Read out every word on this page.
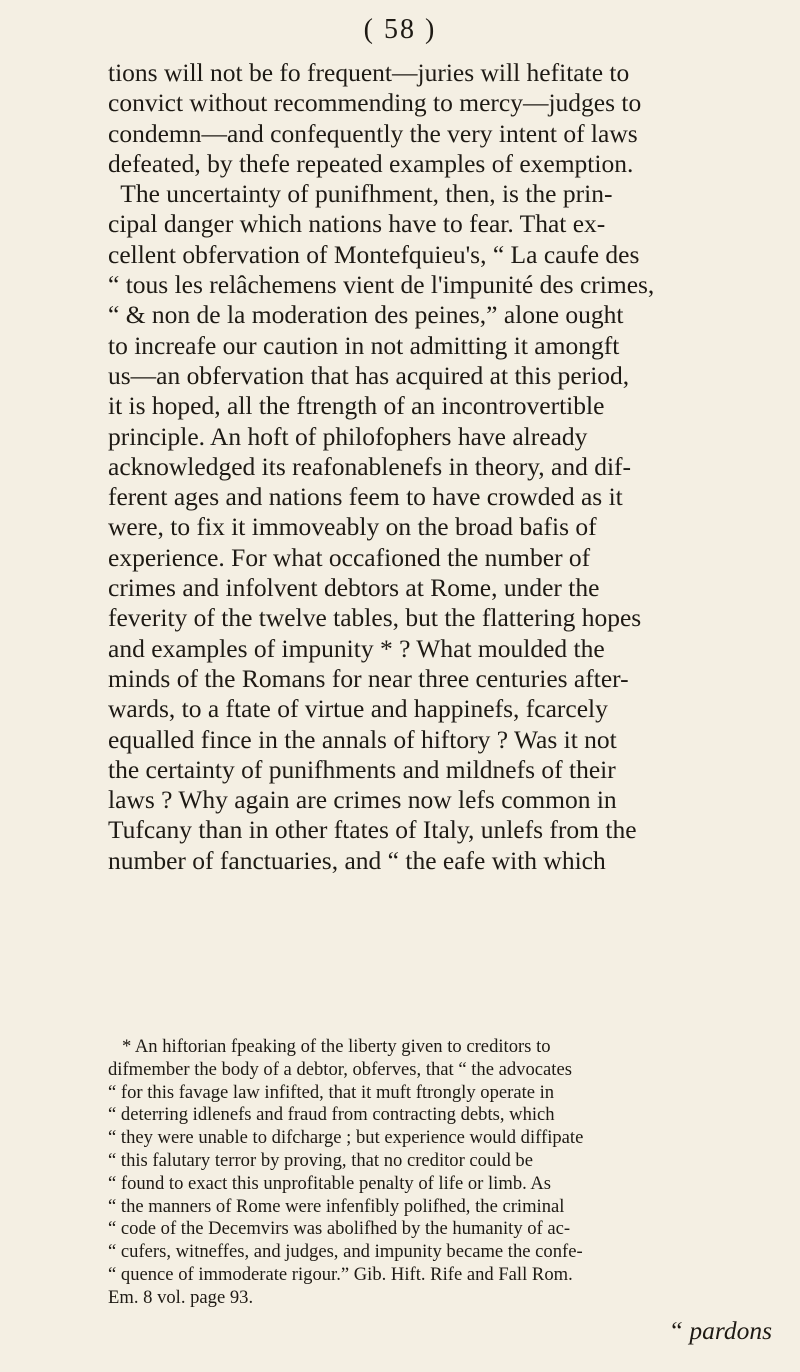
( 58 )
tions will not be fo frequent—juries will hefitate to
convict without recommending to mercy—judges to
condemn—and confequently the very intent of laws
defeated, by thefe repeated examples of exemption.
The uncertainty of punifhment, then, is the prin-
cipal danger which nations have to fear. That ex-
cellent obfervation of Montefquieu's, “ La caufe des
“ tous les relâchemens vient de l'impunité des crimes,
“ & non de la moderation des peines,” alone ought
to increafe our caution in not admitting it amongft
us—an obfervation that has acquired at this period,
it is hoped, all the ftrength of an incontrovertible
principle. An hoft of philofophers have already
acknowledged its reafonablenefs in theory, and dif-
ferent ages and nations feem to have crowded as it
were, to fix it immoveably on the broad bafis of
experience. For what occafioned the number of
crimes and infolvent debtors at Rome, under the
feverity of the twelve tables, but the flattering hopes
and examples of impunity * ? What moulded the
minds of the Romans for near three centuries after-
wards, to a ftate of virtue and happinefs, fcarcely
equalled fince in the annals of hiftory ? Was it not
the certainty of punifhments and mildnefs of their
laws ? Why again are crimes now lefs common in
Tufcany than in other ftates of Italy, unlefs from the
number of fanctuaries, and “ the eafe with which
* An hiftorian fpeaking of the liberty given to creditors to
difmember the body of a debtor, obferves, that “ the advocates
“ for this favage law infifted, that it muft ftrongly operate in
“ deterring idlenefs and fraud from contracting debts, which
“ they were unable to difcharge ; but experience would diffipate
“ this falutary terror by proving, that no creditor could be
“ found to exact this unprofitable penalty of life or limb. As
“ the manners of Rome were infenfibly polifhed, the criminal
“ code of the Decemvirs was abolifhed by the humanity of ac-
“ cufers, witneffes, and judges, and impunity became the confe-
“ quence of immoderate rigour.” Gib. Hift. Rife and Fall Rom.
Em. 8 vol. page 93.
“ pardons
